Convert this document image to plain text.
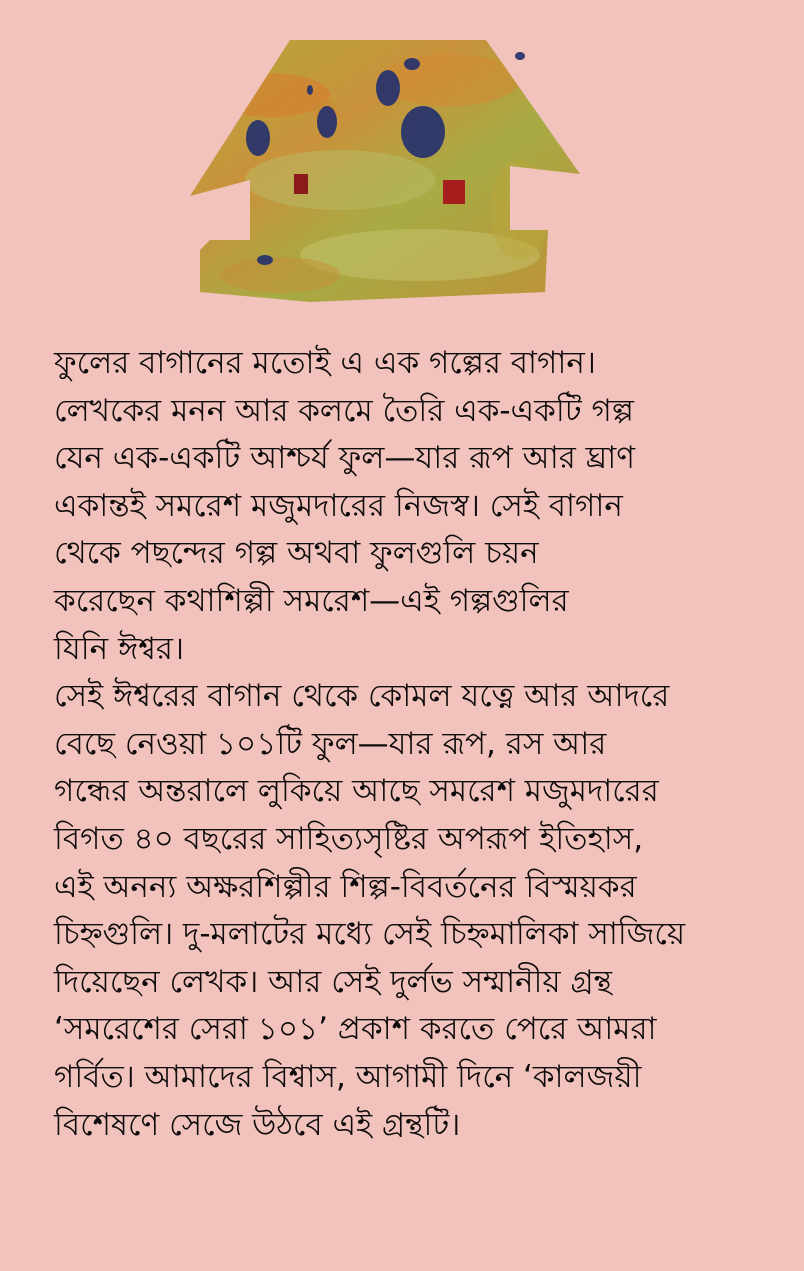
ফুলের বাগানের মতোই এ এক গল্পের বাগান।
লেখকের মনন আর কলমে তৈরি এক-একটি গল্প
যেন এক-একটি আশ্চর্য ফুল—যার রূপ আর ঘ্রাণ
একান্তই সমরেশ মজুমদারের নিজস্ব। সেই বাগান
থেকে পছন্দের গল্প অথবা ফুলগুলি চয়ন
করেছেন কথাশিল্পী সমরেশ—এই গল্পগুলির
যিনি ঈশ্বর।
সেই ঈশ্বরের বাগান থেকে কোমল যত্নে আর আদরে
বেছে নেওয়া ১০১টি ফুল—যার রূপ, রস আর
গন্ধের অন্তরালে লুকিয়ে আছে সমরেশ মজুমদারের
বিগত ৪০ বছরের সাহিত্যসৃষ্টির অপরূপ ইতিহাস,
এই অনন্য অক্ষরশিল্পীর শিল্প-বিবর্তনের বিস্ময়কর
চিহ্নগুলি। দু-মলাটের মধ্যে সেই চিহ্নমালিকা সাজিয়ে
দিয়েছেন লেখক। আর সেই দুর্লভ সম্মানীয় গ্রন্থ
‘সমরেশের সেরা ১০১’ প্রকাশ করতে পেরে আমরা
গর্বিত। আমাদের বিশ্বাস, আগামী দিনে ‘কালজয়ী
বিশেষণে সেজে উঠবে এই গ্রন্থটি।
